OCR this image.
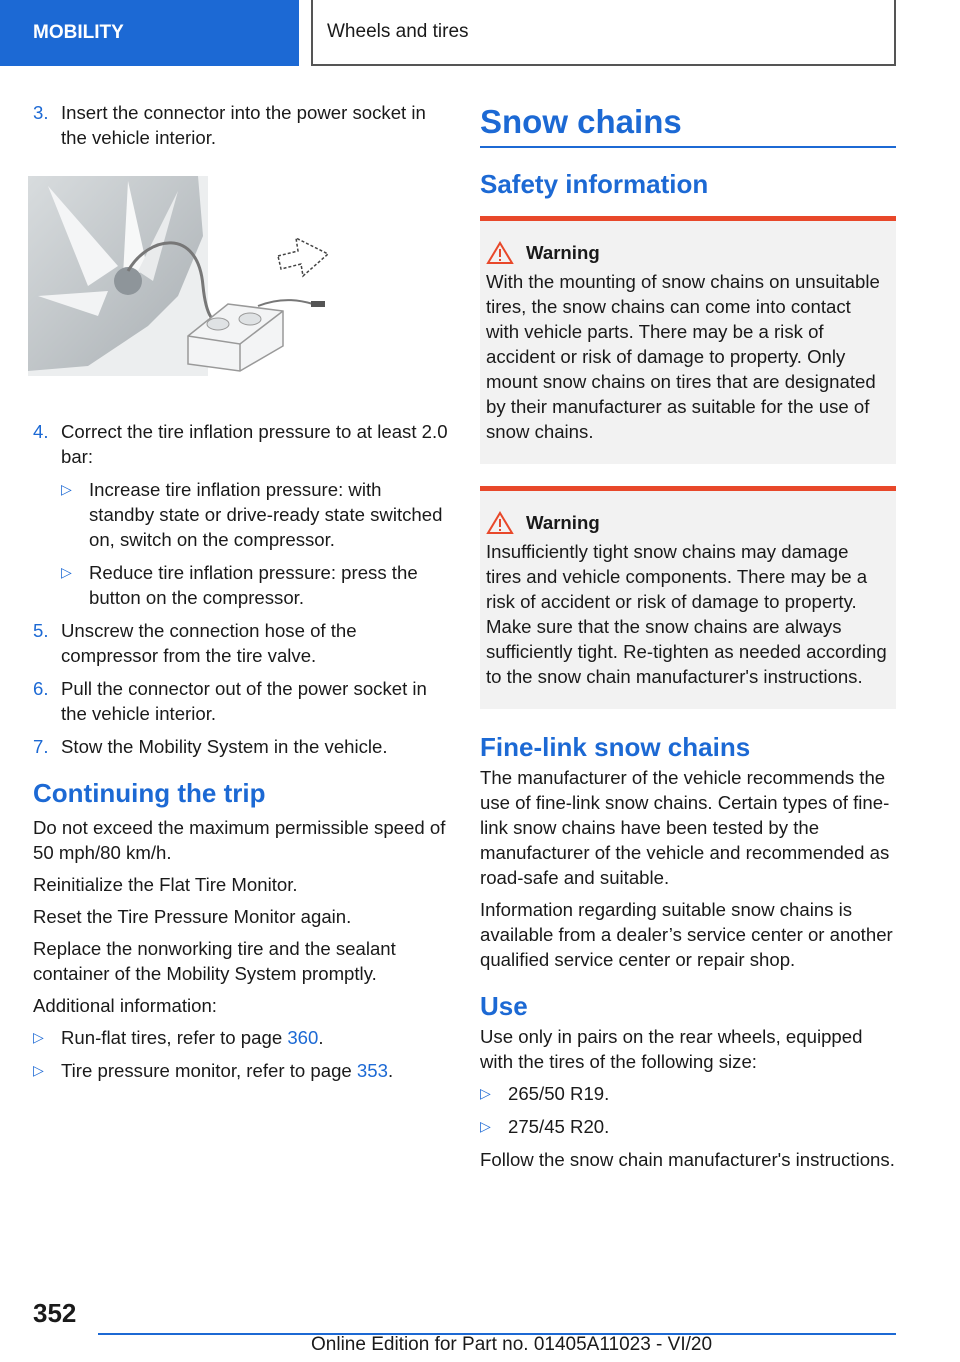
MOBILITY	Wheels and tires
3. Insert the connector into the power socket in the vehicle interior.
4. Correct the tire inflation pressure to at least 2.0 bar:
▷ Increase tire inflation pressure: with standby state or drive-ready state switched on, switch on the compressor.
▷ Reduce tire inflation pressure: press the button on the compressor.
5. Unscrew the connection hose of the compressor from the tire valve.
6. Pull the connector out of the power socket in the vehicle interior.
7. Stow the Mobility System in the vehicle.
Continuing the trip

Do not exceed the maximum permissible speed of 50 mph/80 km/h.

Reinitialize the Flat Tire Monitor.

Reset the Tire Pressure Monitor again.

Replace the nonworking tire and the sealant container of the Mobility System promptly.

Additional information:

▷ Run-flat tires, refer to page 360.
▷ Tire pressure monitor, refer to page 353.
Snow chains
Safety information
Warning

With the mounting of snow chains on unsuitable tires, the snow chains can come into contact with vehicle parts. There may be a risk of accident or risk of damage to property. Only mount snow chains on tires that are designated by their manufacturer as suitable for the use of snow chains.

Warning

Insufficiently tight snow chains may damage tires and vehicle components. There may be a risk of accident or risk of damage to property. Make sure that the snow chains are always sufficiently tight. Re-tighten as needed according to the snow chain manufacturer's instructions.

Fine-link snow chains

The manufacturer of the vehicle recommends the use of fine-link snow chains. Certain types of fine-link snow chains have been tested by the manufacturer of the vehicle and recommended as road-safe and suitable.

Information regarding suitable snow chains is available from a dealer’s service center or another qualified service center or repair shop.

Use

Use only in pairs on the rear wheels, equipped with the tires of the following size:

▷ 265/50 R19.
▷ 275/45 R20.

Follow the snow chain manufacturer's instructions.

352
Online Edition for Part no. 01405A11023 - VI/20
